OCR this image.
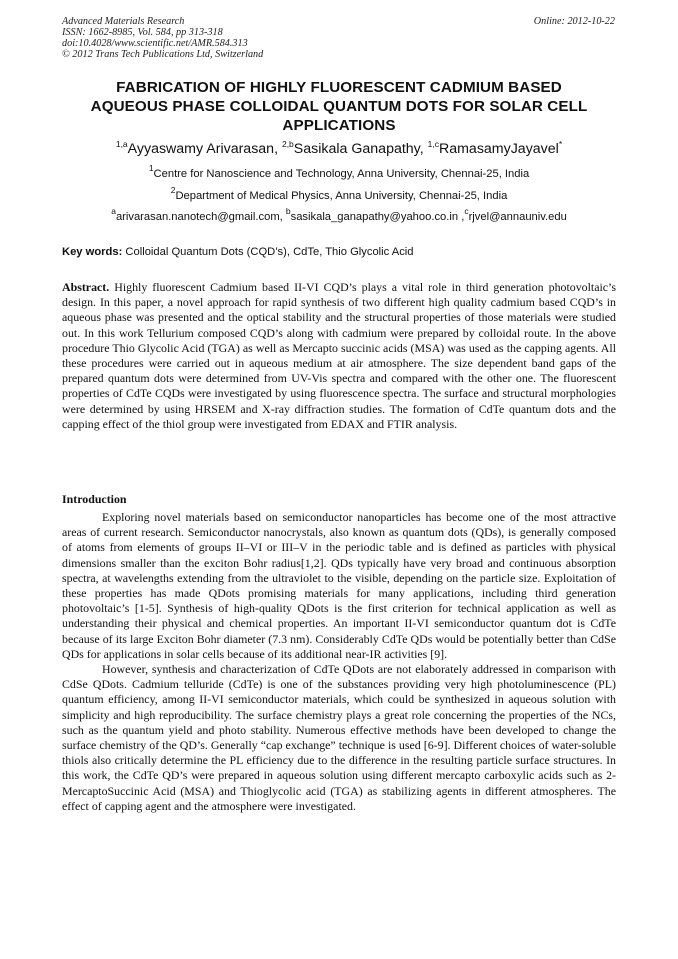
Advanced Materials Research
ISSN: 1662-8985, Vol. 584, pp 313-318
doi:10.4028/www.scientific.net/AMR.584.313
© 2012 Trans Tech Publications Ltd, Switzerland
Online: 2012-10-22
FABRICATION OF HIGHLY FLUORESCENT CADMIUM BASED
AQUEOUS PHASE COLLOIDAL QUANTUM DOTS FOR SOLAR CELL
APPLICATIONS
$^{1,a}$Ayyaswamy Arivarasan, $^{2,b}$Sasikala Ganapathy, $^{1,c}$RamasamyJayavel*
$^1$Centre for Nanoscience and Technology, Anna University, Chennai-25, India
$^2$Department of Medical Physics, Anna University, Chennai-25, India
$^a$arivarasan.nanotech@gmail.com, $^b$sasikala_ganapathy@yahoo.co.in ,$^c$rjvel@annauniv.edu
Key words: Colloidal Quantum Dots (CQD’s), CdTe, Thio Glycolic Acid

Abstract. Highly fluorescent Cadmium based II-VI CQD’s plays a vital role in third generation photovoltaic’s design. In this paper, a novel approach for rapid synthesis of two different high quality cadmium based CQD’s in aqueous phase was presented and the optical stability and the structural properties of those materials were studied out. In this work Tellurium composed CQD’s along with cadmium were prepared by colloidal route. In the above procedure Thio Glycolic Acid (TGA) as well as Mercapto succinic acids (MSA) was used as the capping agents. All these procedures were carried out in aqueous medium at air atmosphere. The size dependent band gaps of the prepared quantum dots were determined from UV-Vis spectra and compared with the other one. The fluorescent properties of CdTe CQDs were investigated by using fluorescence spectra. The surface and structural morphologies were determined by using HRSEM and X-ray diffraction studies. The formation of CdTe quantum dots and the capping effect of the thiol group were investigated from EDAX and FTIR analysis.

Introduction

Exploring novel materials based on semiconductor nanoparticles has become one of the most attractive areas of current research. Semiconductor nanocrystals, also known as quantum dots (QDs), is generally composed of atoms from elements of groups II–VI or III–V in the periodic table and is defined as particles with physical dimensions smaller than the exciton Bohr radius[1,2]. QDs typically have very broad and continuous absorption spectra, at wavelengths extending from the ultraviolet to the visible, depending on the particle size. Exploitation of these properties has made QDots promising materials for many applications, including third generation photovoltaic’s [1-5]. Synthesis of high-quality QDots is the first criterion for technical application as well as understanding their physical and chemical properties. An important II-VI semiconductor quantum dot is CdTe because of its large Exciton Bohr diameter (7.3 nm). Considerably CdTe QDs would be potentially better than CdSe QDs for applications in solar cells because of its additional near-IR activities [9].

However, synthesis and characterization of CdTe QDots are not elaborately addressed in comparison with CdSe QDots. Cadmium telluride (CdTe) is one of the substances providing very high photoluminescence (PL) quantum efficiency, among II-VI semiconductor materials, which could be synthesized in aqueous solution with simplicity and high reproducibility. The surface chemistry plays a great role concerning the properties of the NCs, such as the quantum yield and photo stability. Numerous effective methods have been developed to change the surface chemistry of the QD’s. Generally “cap exchange” technique is used [6-9]. Different choices of water-soluble thiols also critically determine the PL efficiency due to the difference in the resulting particle surface structures. In this work, the CdTe QD’s were prepared in aqueous solution using different mercapto carboxylic acids such as 2-MercaptoSuccinic Acid (MSA) and Thioglycolic acid (TGA) as stabilizing agents in different atmospheres. The effect of capping agent and the atmosphere were investigated.
